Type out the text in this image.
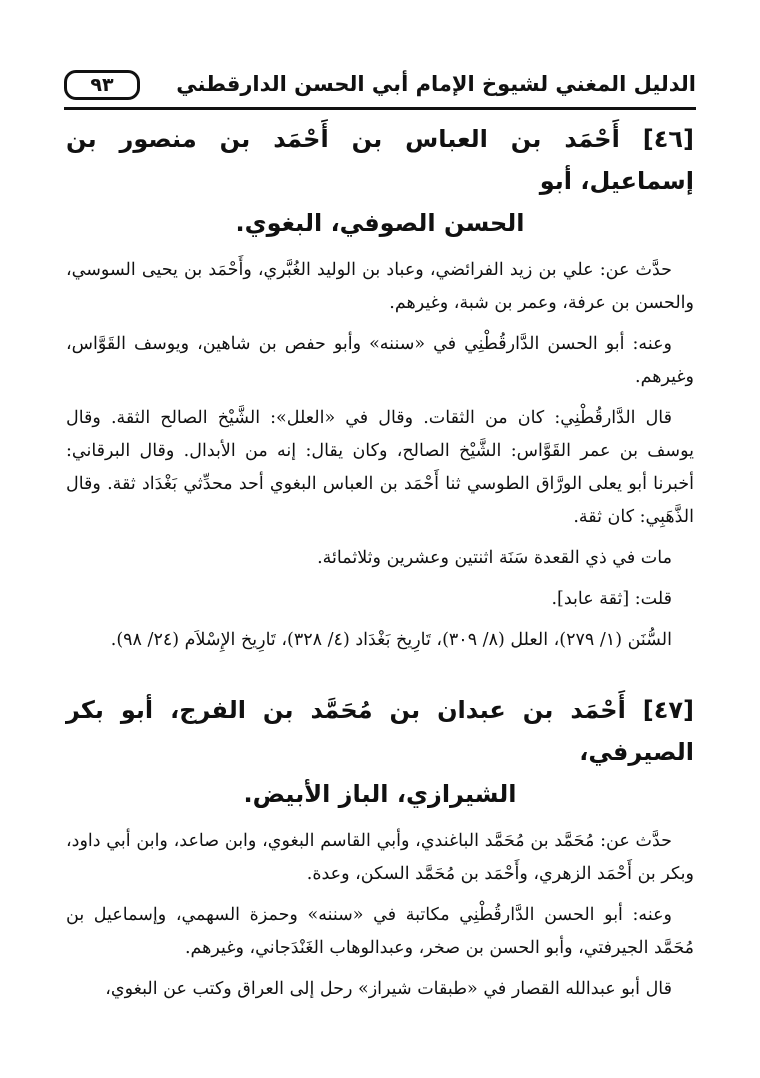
الدليل المغني لشيوخ الإمام أبي الحسن الدارقطني
٩٣
[٤٦] أَحْمَد بن العباس بن أَحْمَد بن منصور بن إسماعيل، أبو
الحسن الصوفي، البغوي.

حدَّث عن: علي بن زيد الفرائضي، وعباد بن الوليد الغُبَّري، وأَحْمَد بن يحيى السوسي، والحسن بن عرفة، وعمر بن شبة، وغيرهم.

وعنه: أبو الحسن الدَّارقُطْنِي في «سننه» وأبو حفص بن شاهين، ويوسف القَوَّاس، وغيرهم.

قال الدَّارقُطْنِي: كان من الثقات. وقال في «العلل»: الشَّيْخ الصالح الثقة. وقال يوسف بن عمر القَوَّاس: الشَّيْخ الصالح، وكان يقال: إنه من الأبدال. وقال البرقاني: أخبرنا أبو يعلى الورَّاق الطوسي ثنا أَحْمَد بن العباس البغوي أحد محدِّثي بَغْدَاد ثقة. وقال الذَّهَبِي: كان ثقة.

مات في ذي القعدة سَنَة اثنتين وعشرين وثلاثمائة.

قلت: [ثقة عابد].

السُّنَن (١/ ٢٧٩)، العلل (٨/ ٣٠٩)، تَارِيخ بَغْدَاد (٤/ ٣٢٨)، تَارِيخ الإِسْلاَم (٢٤/ ٩٨).

[٤٧] أَحْمَد بن عبدان بن مُحَمَّد بن الفرج، أبو بكر الصيرفي،
الشيرازي، الباز الأبيض.

حدَّث عن: مُحَمَّد بن مُحَمَّد الباغندي، وأبي القاسم البغوي، وابن صاعد، وابن أبي داود، وبكر بن أَحْمَد الزهري، وأَحْمَد بن مُحَمَّد السكن، وعدة.

وعنه: أبو الحسن الدَّارقُطْنِي مكاتبة في «سننه» وحمزة السهمي، وإسماعيل بن مُحَمَّد الجيرفتي، وأبو الحسن بن صخر، وعبدالوهاب الغَنْدَجاني، وغيرهم.

قال أبو عبدالله القصار في «طبقات شيراز» رحل إلى العراق وكتب عن البغوي،
